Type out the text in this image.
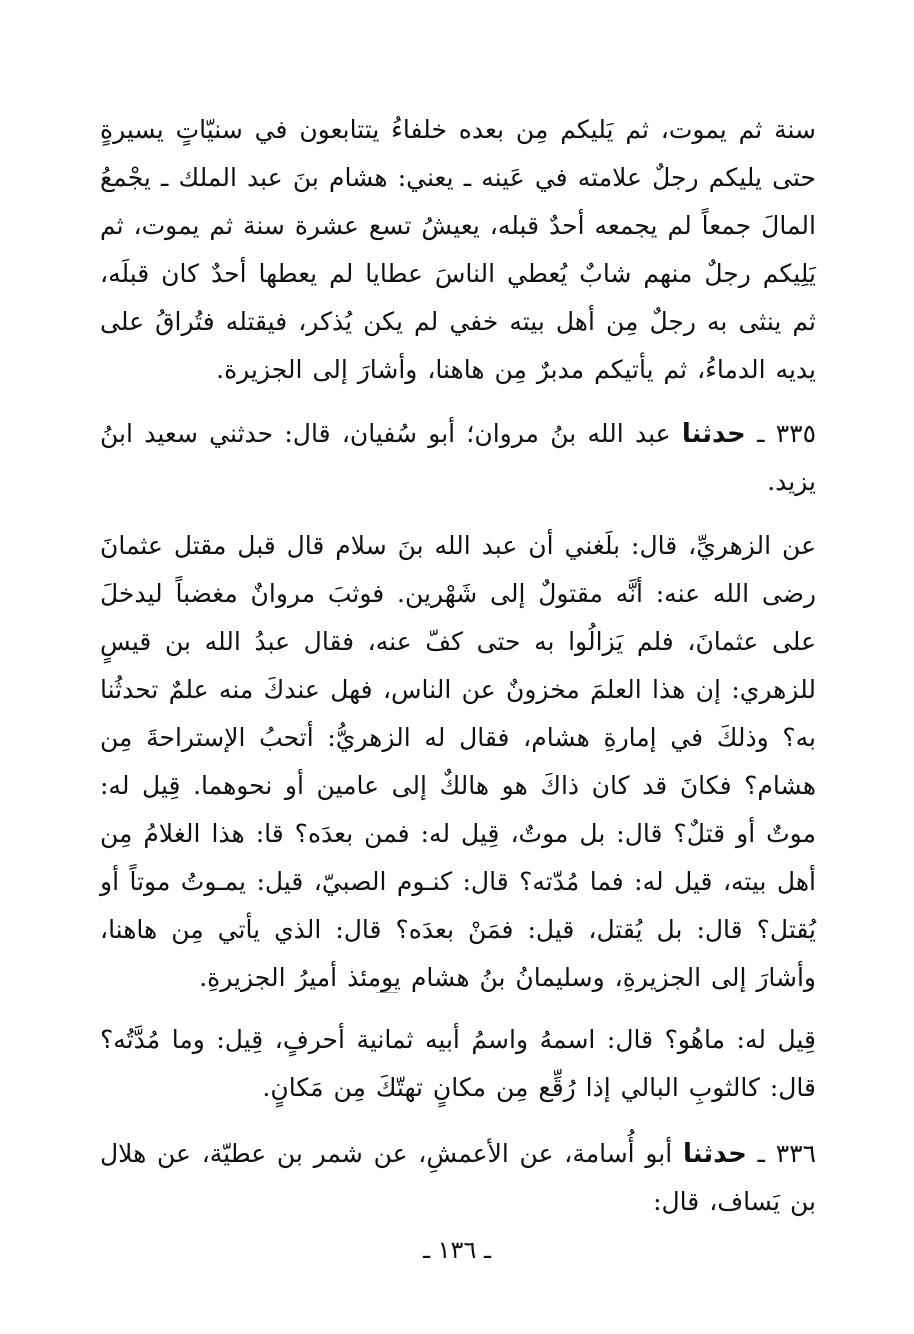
سنة ثم يموت، ثم يَليكم مِن بعده خلفاءُ يتتابعون في سنيّاتٍ يسيرةٍ حتى يليكم رجلٌ علامته في عَينه ـ يعني: هشام بنَ عبد الملك ـ يجْمعُ المالَ جمعاً لم يجمعه أحدٌ قبله، يعيشُ تسع عشرة سنة ثم يموت، ثم يَلِيكم رجلٌ منهم شابٌ يُعطي الناسَ عطايا لم يعطها أحدٌ كان قبلَه، ثم ينثى به رجلٌ مِن أهل بيته خفي لم يكن يُذكر، فيقتله فتُراقُ على يديه الدماءُ، ثم يأتيكم مدبرٌ مِن هاهنا، وأشارَ إلى الجزيرة.

٣٣٥ ـ حدثنا عبد الله بنُ مروان؛ أبو سُفيان، قال: حدثني سعيد ابنُ يزيد.

عن الزهريِّ، قال: بلَغني أن عبد الله بنَ سلام قال قبل مقتل عثمانَ رضى الله عنه: أنَّه مقتولٌ إلى شَهْرين. فوثبَ مروانٌ مغضباً ليدخلَ على عثمانَ، فلم يَزالُوا به حتى كفّ عنه، فقال عبدُ الله بن قيسٍ للزهري: إن هذا العلمَ مخزونٌ عن الناس، فهل عندكَ منه علمٌ تحدثُنا به؟ وذلكَ في إمارةِ هشام، فقال له الزهريُّ: أتحبُ الإستراحةَ مِن هشام؟ فكانَ قد كان ذاكَ هو هالكٌ إلى عامين أو نحوهما. قِيل له: موتٌ أو قتلٌ؟ قال: بل موتٌ، قِيل له: فمن بعدَه؟ قا: هذا الغلامُ مِن أهل بيته، قيل له: فما مُدّته؟ قال: كنـوم الصبيّ، قيل: يمـوتُ موتاً أو يُقتل؟ قال: بل يُقتل، قيل: فمَنْ بعدَه؟ قال: الذي يأتي مِن هاهنا، وأشارَ إلى الجزيرةِ، وسليمانُ بنُ هشام يومئذ أميرُ الجزيرةِ.

قِيل له: ماهُو؟ قال: اسمهُ واسمُ أبيه ثمانية أحرفٍ، قِيل: وما مُدَّتُه؟ قال: كالثوبِ البالي إذا رُقِّع مِن مكانٍ تهتّكَ مِن مَكانٍ.

٣٣٦ ـ حدثنا أبو أُسامة، عن الأعمشِ، عن شمر بن عطيّة، عن هلال بن يَساف، قال:

ـ ١٣٦ ـ
